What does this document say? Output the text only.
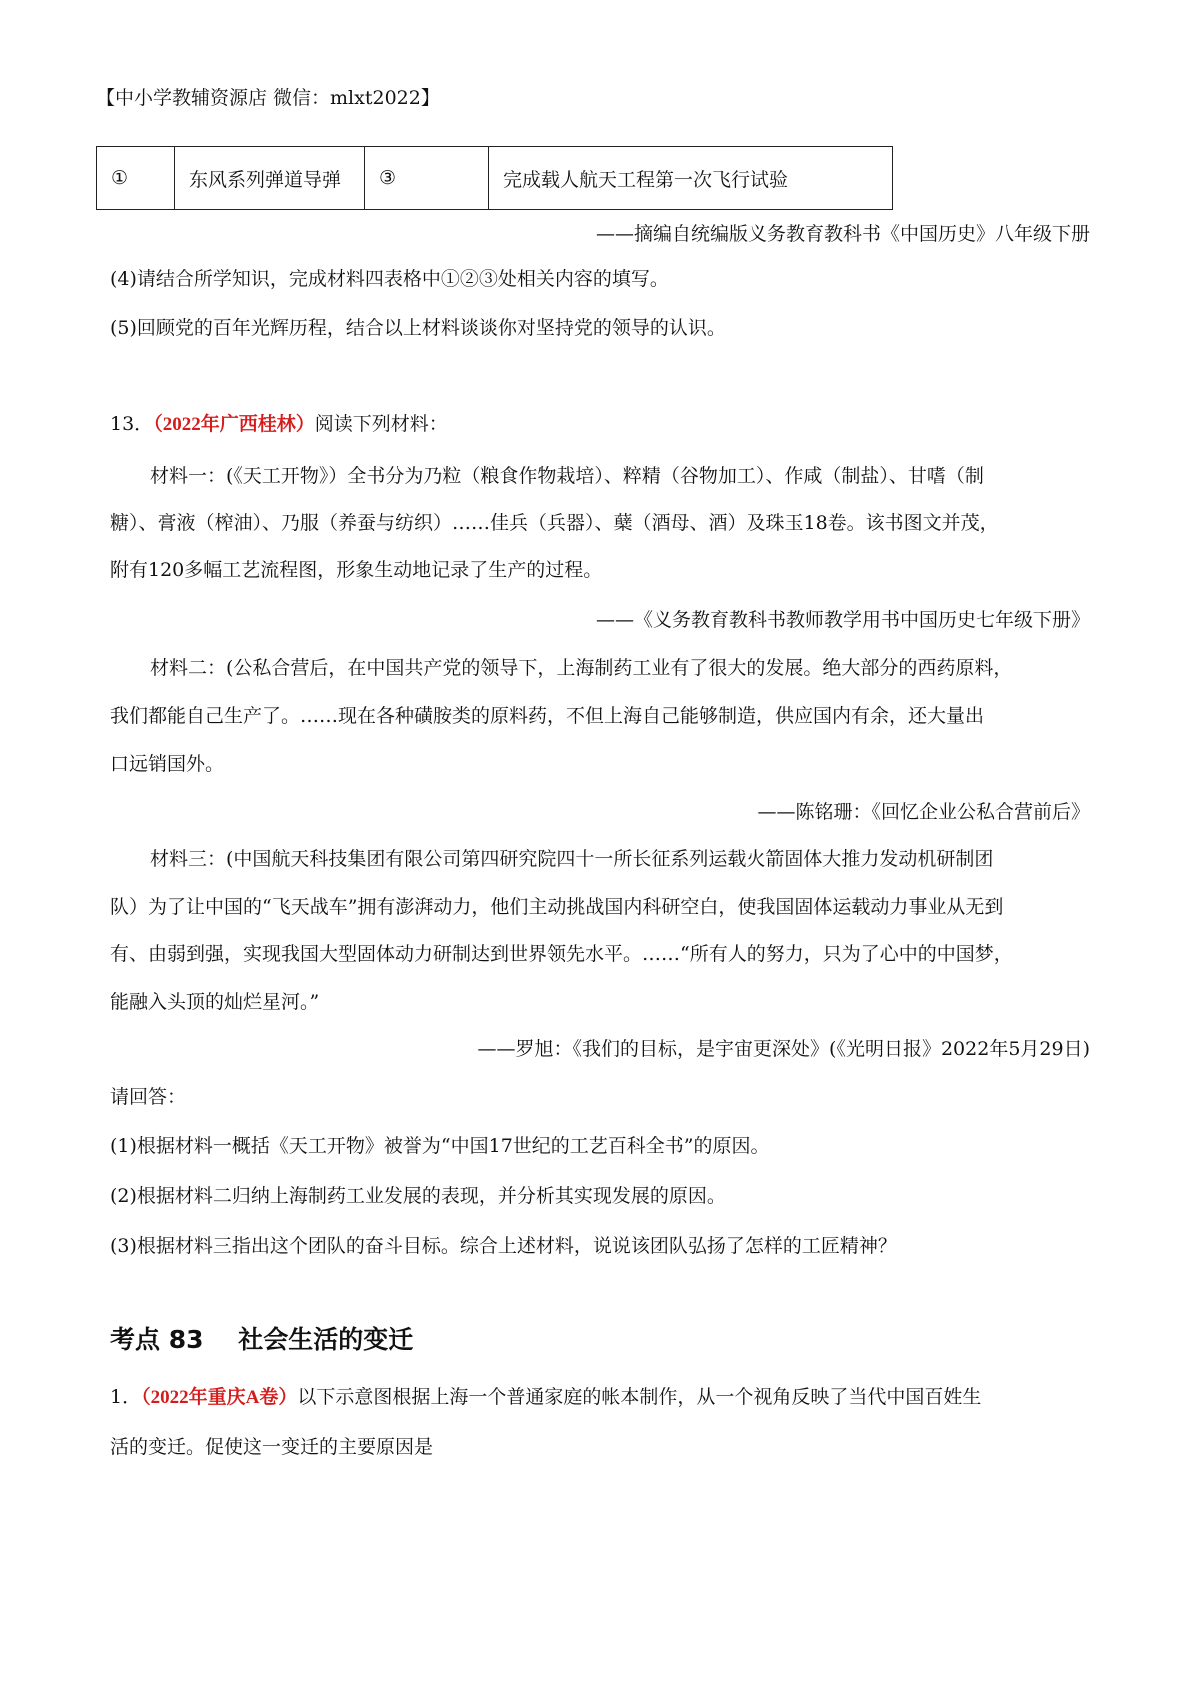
【中小学教辅资源店 微信：mlxt2022】
①	东风系列弹道导弹	③	完成载人航天工程第一次飞行试验
——摘编自统编版义务教育教科书《中国历史》八年级下册
(4)请结合所学知识，完成材料四表格中①②③处相关内容的填写。
(5)回顾党的百年光辉历程，结合以上材料谈谈你对坚持党的领导的认识。
13．（2022年广西桂林）阅读下列材料：
材料一：(《天工开物》）全书分为乃粒（粮食作物栽培）、粹精（谷物加工）、作咸（制盐）、甘嗜（制
糖）、膏液（榨油）、乃服（养蚕与纺织）……佳兵（兵器）、蘖（酒母、酒）及珠玉18卷。该书图文并茂，
附有120多幅工艺流程图，形象生动地记录了生产的过程。
——《义务教育教科书教师教学用书中国历史七年级下册》
材料二：(公私合营后，在中国共产党的领导下，上海制药工业有了很大的发展。绝大部分的西药原料，
我们都能自己生产了。……现在各种磺胺类的原料药，不但上海自己能够制造，供应国内有余，还大量出
口远销国外。
——陈铭珊：《回忆企业公私合营前后》
材料三：(中国航天科技集团有限公司第四研究院四十一所长征系列运载火箭固体大推力发动机研制团
队）为了让中国的“飞天战车”拥有澎湃动力，他们主动挑战国内科研空白，使我国固体运载动力事业从无到
有、由弱到强，实现我国大型固体动力研制达到世界领先水平。……“所有人的努力，只为了心中的中国梦，
能融入头顶的灿烂星河。”
——罗旭：《我们的目标，是宇宙更深处》(《光明日报》2022年5月29日)
请回答：
(1)根据材料一概括《天工开物》被誉为“中国17世纪的工艺百科全书”的原因。
(2)根据材料二归纳上海制药工业发展的表现，并分析其实现发展的原因。
(3)根据材料三指出这个团队的奋斗目标。综合上述材料，说说该团队弘扬了怎样的工匠精神？
考点 83    社会生活的变迁
1．（2022年重庆A卷）以下示意图根据上海一个普通家庭的帐本制作，从一个视角反映了当代中国百姓生
活的变迁。促使这一变迁的主要原因是
